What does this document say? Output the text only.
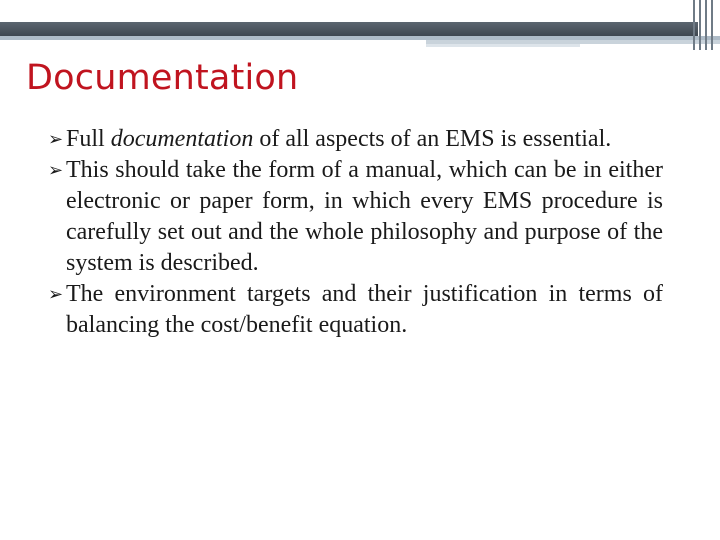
Documentation
➢ Full documentation of all aspects of an EMS is essential.
➢ This should take the form of a manual, which can be in either electronic or paper form, in which every EMS procedure is carefully set out and the whole philosophy and purpose of the system is described.
➢ The environment targets and their justification in terms of balancing the cost/benefit equation.
